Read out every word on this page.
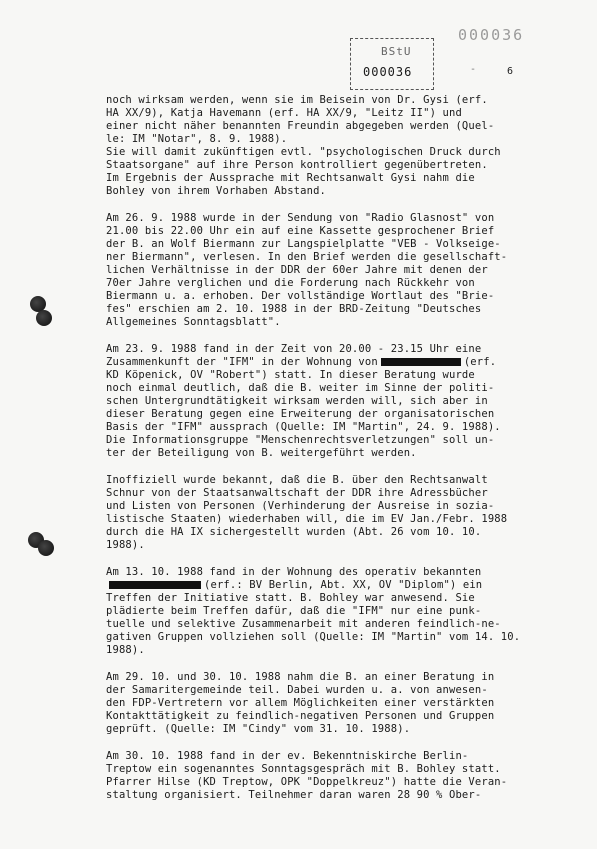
BStU
000036
000036
-	6
noch wirksam werden, wenn sie im Beisein von Dr. Gysi (erf.
HA XX/9), Katja Havemann (erf. HA XX/9, "Leitz II") und
einer nicht näher benannten Freundin abgegeben werden (Quel-
le: IM "Notar", 8. 9. 1988).
Sie will damit zukünftigen evtl. "psychologischen Druck durch
Staatsorgane" auf ihre Person kontrolliert gegenübertreten.
Im Ergebnis der Aussprache mit Rechtsanwalt Gysi nahm die
Bohley von ihrem Vorhaben Abstand.
Am 26. 9. 1988 wurde in der Sendung von "Radio Glasnost" von
21.00 bis 22.00 Uhr ein auf eine Kassette gesprochener Brief
der B. an Wolf Biermann zur Langspielplatte "VEB - Volkseige-
ner Biermann", verlesen. In den Brief werden die gesellschaft-
lichen Verhältnisse in der DDR der 60er Jahre mit denen der
70er Jahre verglichen und die Forderung nach Rückkehr von
Biermann u. a. erhoben. Der vollständige Wortlaut des "Brie-
fes" erschien am 2. 10. 1988 in der BRD-Zeitung "Deutsches
Allgemeines Sonntagsblatt".
Am 23. 9. 1988 fand in der Zeit von 20.00 - 23.15 Uhr eine
Zusammenkunft der "IFM" in der Wohnung von	(erf.
KD Köpenick, OV "Robert") statt. In dieser Beratung wurde
noch einmal deutlich, daß die B. weiter im Sinne der politi-
schen Untergrundtätigkeit wirksam werden will, sich aber in
dieser Beratung gegen eine Erweiterung der organisatorischen
Basis der "IFM" aussprach (Quelle: IM "Martin", 24. 9. 1988).
Die Informationsgruppe "Menschenrechtsverletzungen" soll un-
ter der Beteiligung von B. weitergeführt werden.
Inoffiziell wurde bekannt, daß die B. über den Rechtsanwalt
Schnur von der Staatsanwaltschaft der DDR ihre Adressbücher
und Listen von Personen (Verhinderung der Ausreise in sozia-
listische Staaten) wiederhaben will, die im EV Jan./Febr. 1988
durch die HA IX sichergestellt wurden (Abt. 26 vom 10. 10.
1988).
Am 13. 10. 1988 fand in der Wohnung des operativ bekannten
(erf.: BV Berlin, Abt. XX, OV "Diplom") ein
Treffen der Initiative statt. B. Bohley war anwesend. Sie
plädierte beim Treffen dafür, daß die "IFM" nur eine punk-
tuelle und selektive Zusammenarbeit mit anderen feindlich-ne-
gativen Gruppen vollziehen soll (Quelle: IM "Martin" vom 14. 10.
1988).
Am 29. 10. und 30. 10. 1988 nahm die B. an einer Beratung in
der Samaritergemeinde teil. Dabei wurden u. a. von anwesen-
den FDP-Vertretern vor allem Möglichkeiten einer verstärkten
Kontakttätigkeit zu feindlich-negativen Personen und Gruppen
geprüft. (Quelle: IM "Cindy" vom 31. 10. 1988).
Am 30. 10. 1988 fand in der ev. Bekenntniskirche Berlin-
Treptow ein sogenanntes Sonntagsgespräch mit B. Bohley statt.
Pfarrer Hilse (KD Treptow, OPK "Doppelkreuz") hatte die Veran-
staltung organisiert. Teilnehmer daran waren 28 90 % Ober-
